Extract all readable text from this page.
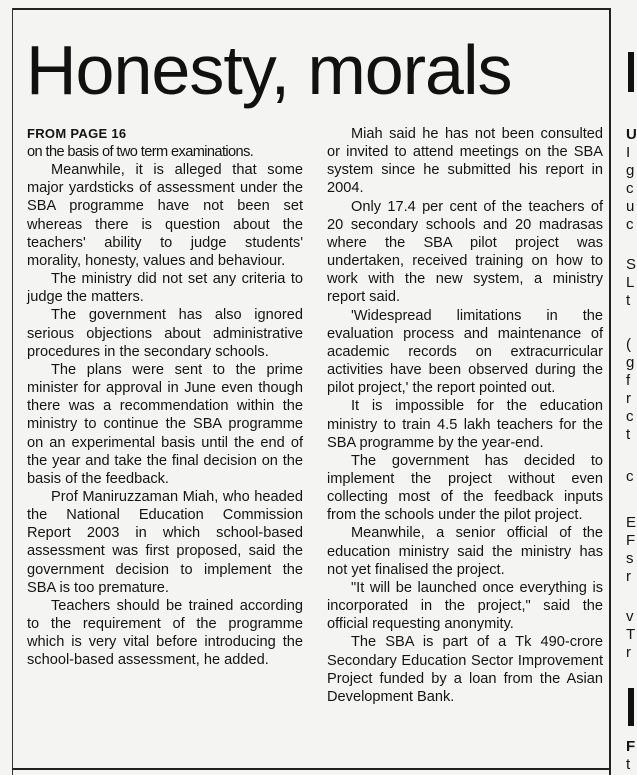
Honesty, morals
FROM PAGE 16

on the basis of two term examinations.

Meanwhile, it is alleged that some major yardsticks of assessment under the SBA programme have not been set whereas there is question about the teachers' ability to judge students' morality, honesty, values and behaviour.

The ministry did not set any criteria to judge the matters.

The government has also ignored serious objections about administrative procedures in the secondary schools.

The plans were sent to the prime minister for approval in June even though there was a recommendation within the ministry to continue the SBA programme on an experimental basis until the end of the year and take the final decision on the basis of the feedback.

Prof Maniruzzaman Miah, who headed the National Education Commission Report 2003 in which school-based assessment was first proposed, said the government decision to implement the SBA is too premature.

Teachers should be trained according to the requirement of the programme which is very vital before introducing the school-based assessment, he added.

Miah said he has not been consulted or invited to attend meetings on the SBA system since he submitted his report in 2004.

Only 17.4 per cent of the teachers of 20 secondary schools and 20 madrasas where the SBA pilot project was undertaken, received training on how to work with the new system, a ministry report said.

'Widespread limitations in the evaluation process and maintenance of academic records on extracurricular activities have been observed during the pilot project,' the report pointed out.

It is impossible for the education ministry to train 4.5 lakh teachers for the SBA programme by the year-end.

The government has decided to implement the project without even collecting most of the feedback inputs from the schools under the pilot project.

Meanwhile, a senior official of the education ministry said the ministry has not yet finalised the project.

"It will be launched once everything is incorporated in the project," said the official requesting anonymity.

The SBA is part of a Tk 490-crore Secondary Education Sector Improvement Project funded by a loan from the Asian Development Bank.

U
I
g
c
u
c
S
L
t
(
g
f
r
c
t
c
E
F
s
r
v
T
r
F
t
